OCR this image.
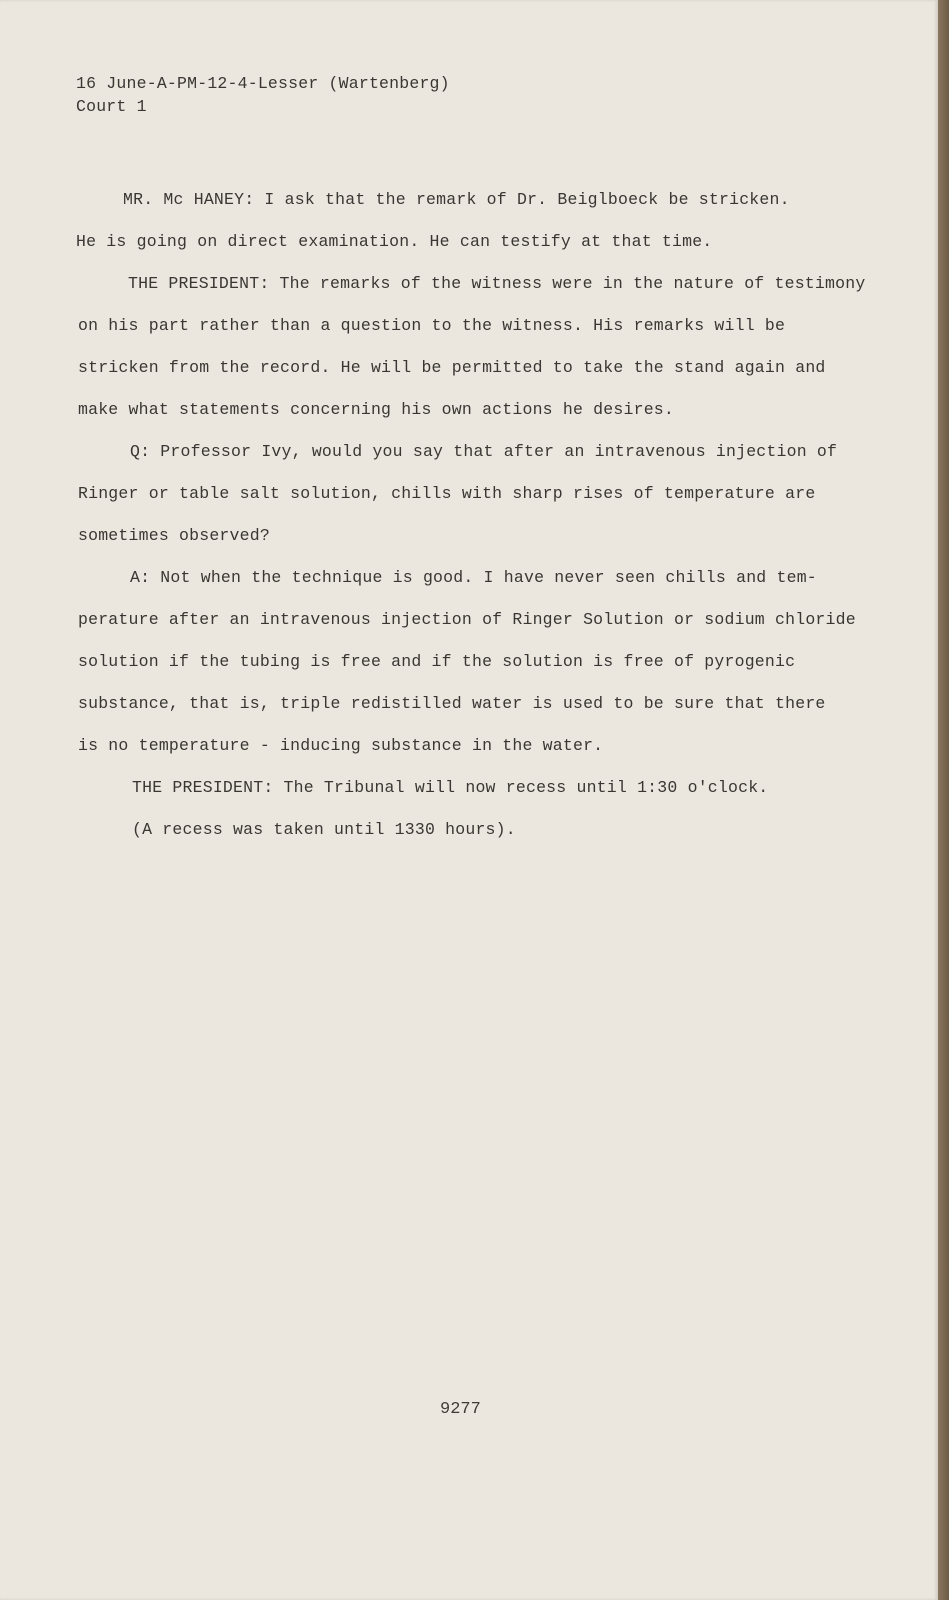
16 June-A-PM-12-4-Lesser (Wartenberg)
Court 1
MR. Mc HANEY: I ask that the remark of Dr. Beiglboeck be stricken.
He is going on direct examination. He can testify at that time.
THE PRESIDENT: The remarks of the witness were in the nature of testimony
on his part rather than a question to the witness. His remarks will be
stricken from the record. He will be permitted to take the stand again and
make what statements concerning his own actions he desires.
Q: Professor Ivy, would you say that after an intravenous injection of
Ringer or table salt solution, chills with sharp rises of temperature are
sometimes observed?
A: Not when the technique is good. I have never seen chills and tem-
perature after an intravenous injection of Ringer Solution or sodium chloride
solution if the tubing is free and if the solution is free of pyrogenic
substance, that is, triple redistilled water is used to be sure that there
is no temperature - inducing substance in the water.
THE PRESIDENT: The Tribunal will now recess until 1:30 o'clock.
(A recess was taken until 1330 hours).
9277
